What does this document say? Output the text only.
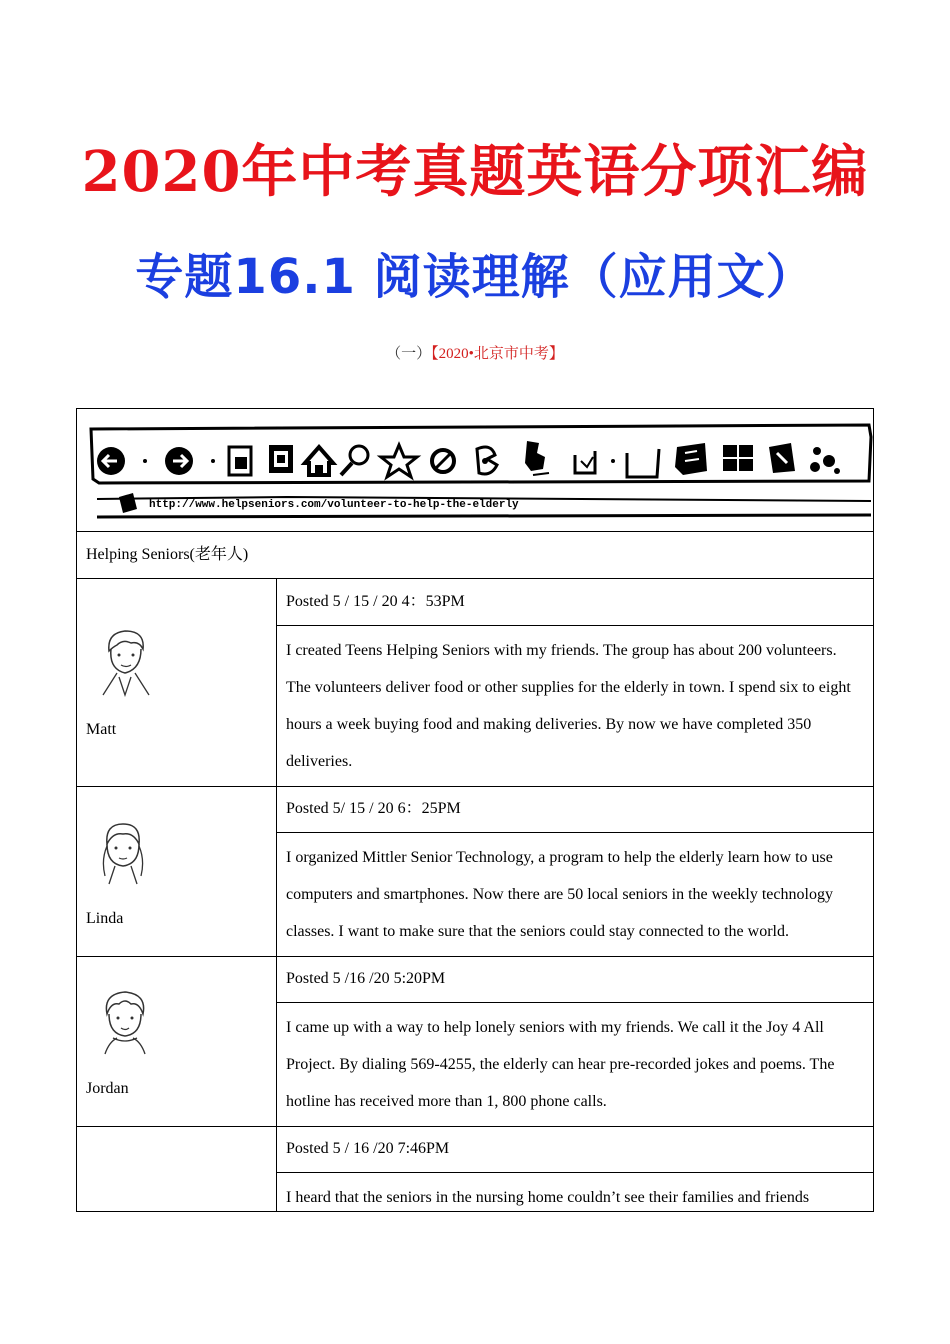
2020年中考真题英语分项汇编
专题16.1 阅读理解（应用文）
（一）【2020•北京市中考】
http://www.helpseniors.com/volunteer-to-help-the-elderly
Helping Seniors(老年人)
Matt
Posted 5 / 15 / 20 4：53PM
I created Teens Helping Seniors with my friends. The group has about 200 volunteers. The volunteers deliver food or other supplies for the elderly in town. I spend six to eight hours a week buying food and making deliveries. By now we have completed 350 deliveries.
Linda
Posted 5/ 15 / 20 6：25PM
I organized Mittler Senior Technology, a program to help the elderly learn how to use computers and smartphones. Now there are 50 local seniors in the weekly technology classes. I want to make sure that the seniors could stay connected to the world.
Jordan
Posted 5 /16 /20 5:20PM
I came up with a way to help lonely seniors with my friends. We call it the Joy 4 All Project. By dialing 569-4255, the elderly can hear pre-recorded jokes and poems. The hotline has received more than 1, 800 phone calls.
Posted 5 / 16 /20 7:46PM
I heard that the seniors in the nursing home couldn’t see their families and friends
